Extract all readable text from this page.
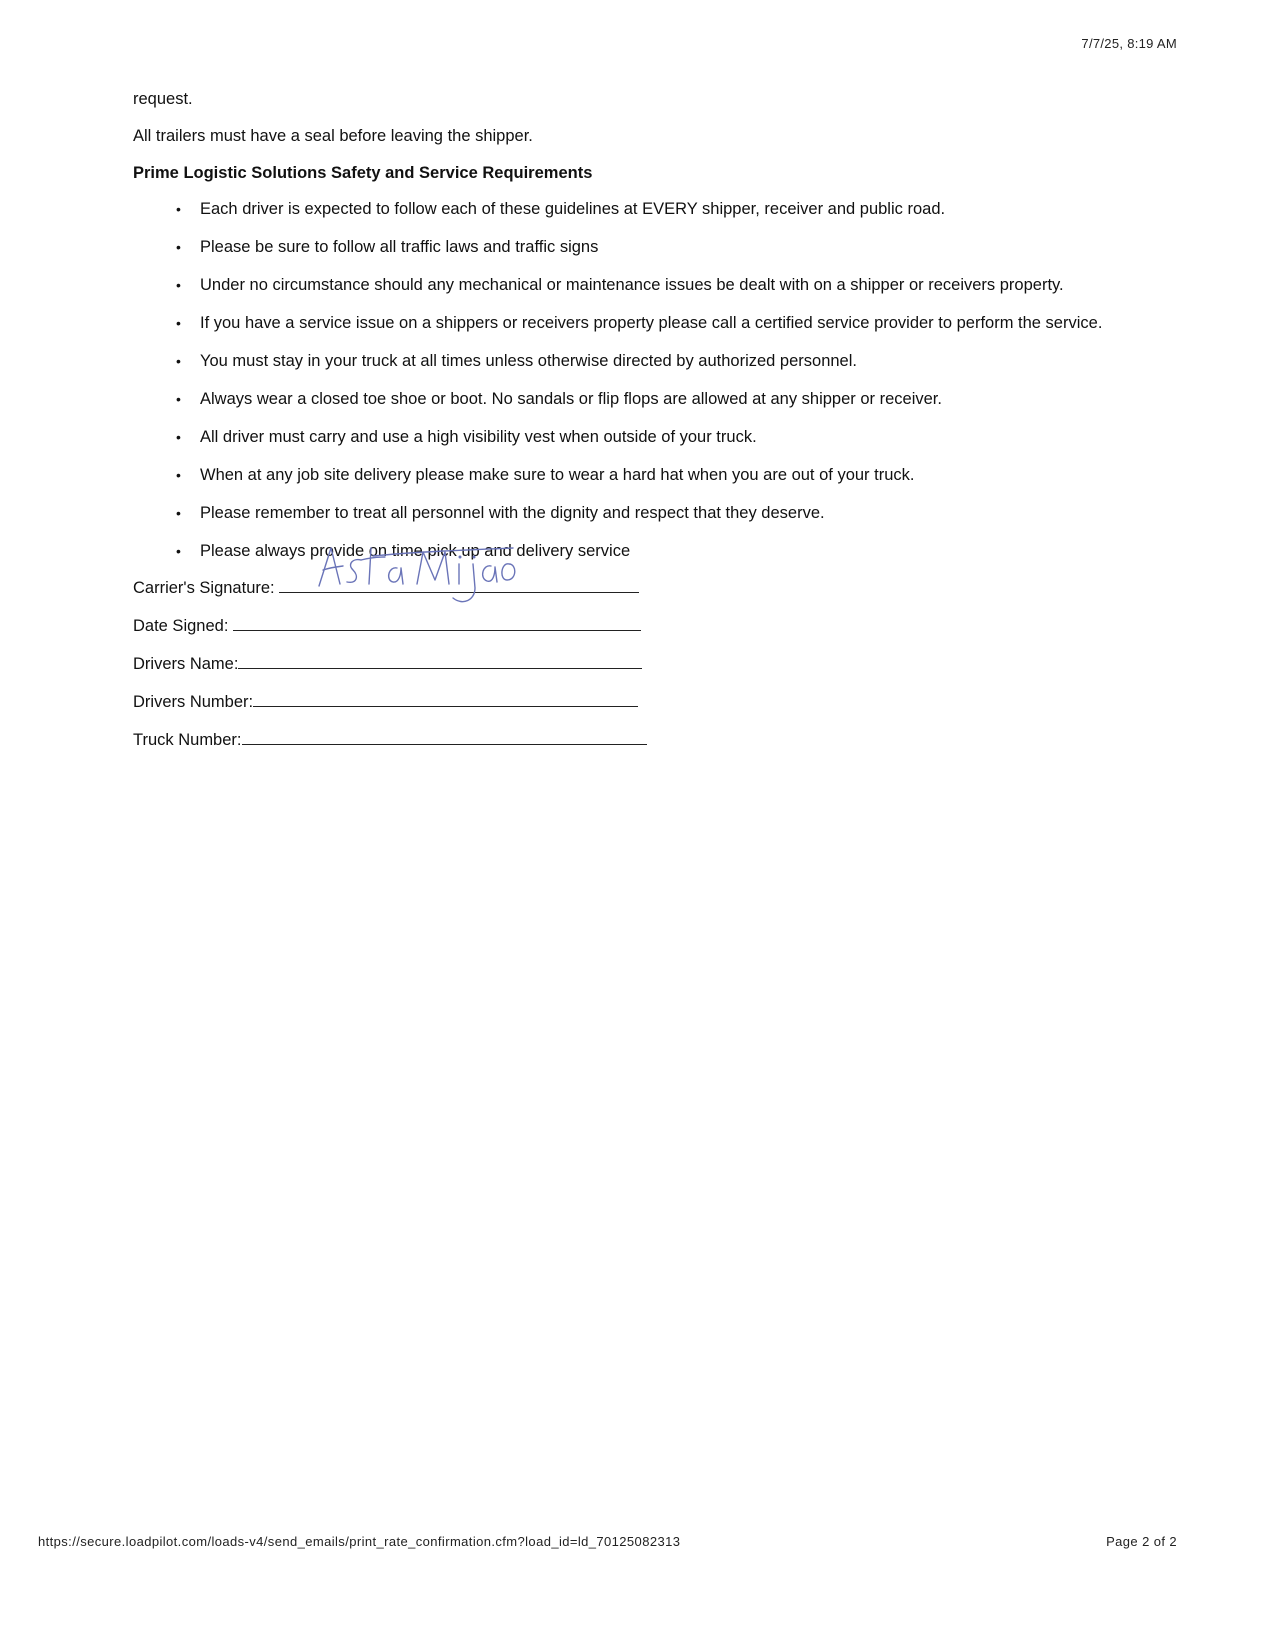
7/7/25, 8:19 AM

request.

All trailers must have a seal before leaving the shipper.

Prime Logistic Solutions Safety and Service Requirements

• Each driver is expected to follow each of these guidelines at EVERY shipper, receiver and public road.
• Please be sure to follow all traffic laws and traffic signs
• Under no circumstance should any mechanical or maintenance issues be dealt with on a shipper or receivers property.
• If you have a service issue on a shippers or receivers property please call a certified service provider to perform the service.
• You must stay in your truck at all times unless otherwise directed by authorized personnel.
• Always wear a closed toe shoe or boot. No sandals or flip flops are allowed at any shipper or receiver.
• All driver must carry and use a high visibility vest when outside of your truck.
• When at any job site delivery please make sure to wear a hard hat when you are out of your truck.
• Please remember to treat all personnel with the dignity and respect that they deserve.
• Please always provide on time pick up and delivery service
Carrier's Signature:
Date Signed:
Drivers Name:
Drivers Number:
Truck Number:
https://secure.loadpilot.com/loads-v4/send_emails/print_rate_confirmation.cfm?load_id=ld_70125082313	Page 2 of 2
